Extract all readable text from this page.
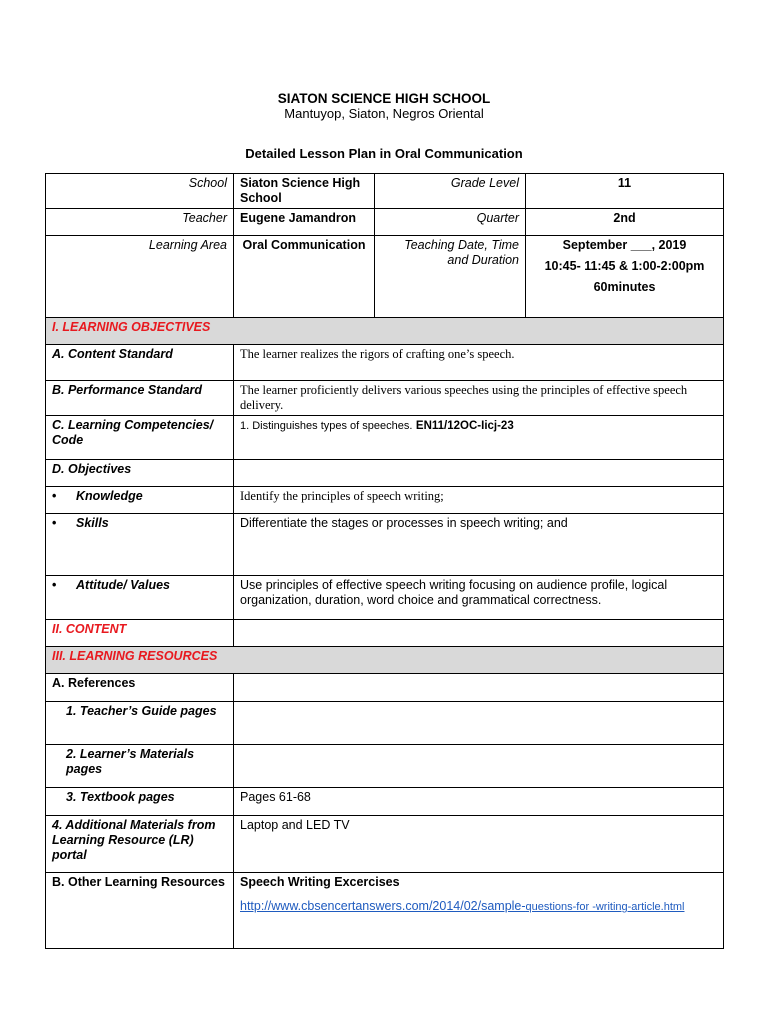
SIATON SCIENCE HIGH SCHOOL
Mantuyop, Siaton, Negros Oriental
Detailed Lesson Plan in Oral Communication
School	Siaton Science High School	Grade Level	11
Teacher	Eugene Jamandron	Quarter	2nd
Learning Area	Oral Communication	Teaching Date, Time and Duration	September ___, 2019
10:45- 11:45 & 1:00-2:00pm
60minutes

I. LEARNING OBJECTIVES			
A. Content Standard	The learner realizes the rigors of crafting one’s speech.		
B. Performance Standard	The learner proficiently delivers various speeches using the principles of effective speech delivery.		
C. Learning Competencies/ Code	1. Distinguishes types of speeches. EN11/12OC-Iicj-23		
D. Objectives			
• Knowledge	Identify the principles of speech writing;		
• Skills	Differentiate the stages or processes in speech writing; and		
• Attitude/ Values	Use principles of effective speech writing focusing on audience profile, logical organization, duration, word choice and grammatical correctness.		
II. CONTENT			
III. LEARNING RESOURCES			
A. References			

1. Teacher’s Guide pages			

2. Learner’s Materials pages			

3. Textbook pages	Pages 61-68		
4. Additional Materials from Learning Resource (LR) portal	Laptop and LED TV		
B. Other Learning Resources	Speech Writing Excercises
http://www.cbsencertanswers.com/2014/02/sample-questions-for -writing-article.html		
